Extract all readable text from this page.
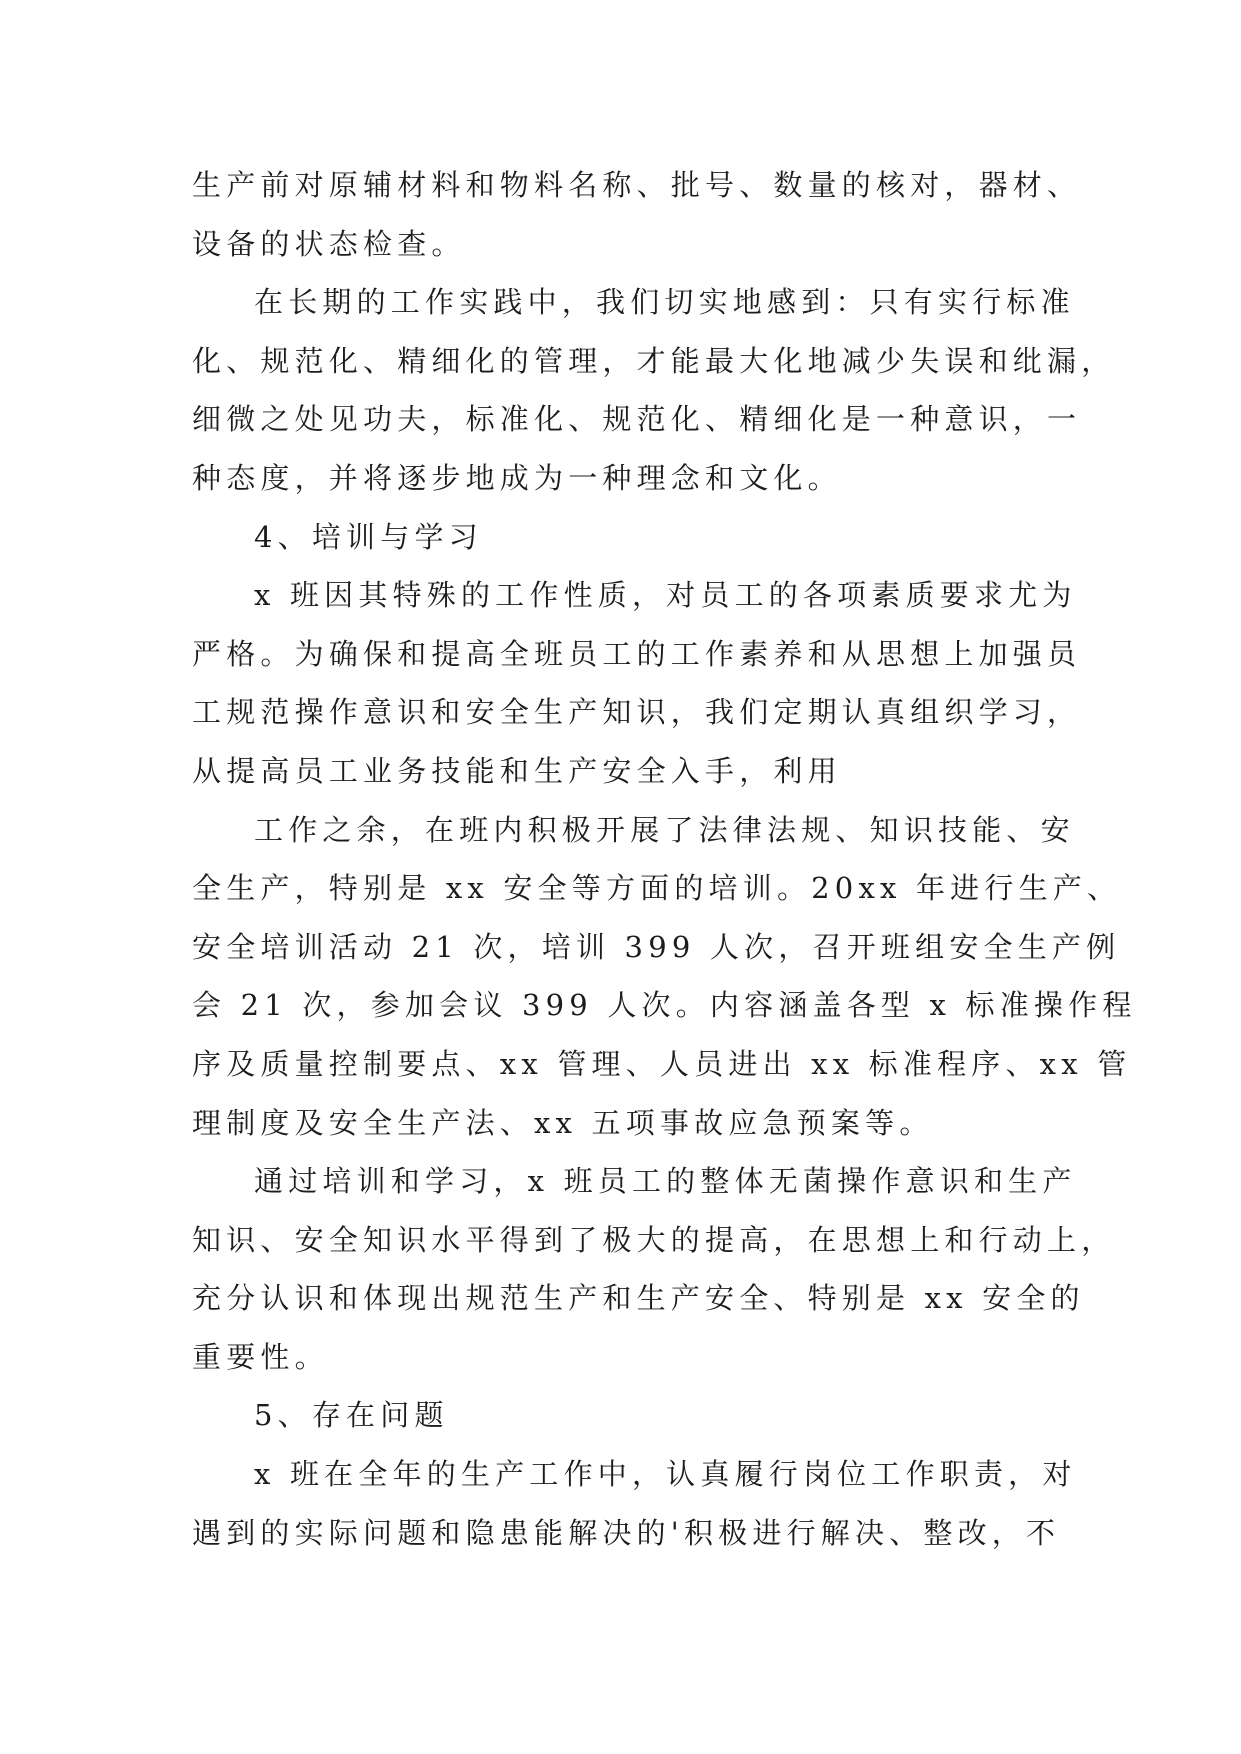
生产前对原辅材料和物料名称、批号、数量的核对，器材、
设备的状态检查。
在长期的工作实践中，我们切实地感到：只有实行标准
化、规范化、精细化的管理，才能最大化地减少失误和纰漏，
细微之处见功夫，标准化、规范化、精细化是一种意识，一
种态度，并将逐步地成为一种理念和文化。
4、培训与学习
x 班因其特殊的工作性质，对员工的各项素质要求尤为
严格。为确保和提高全班员工的工作素养和从思想上加强员
工规范操作意识和安全生产知识，我们定期认真组织学习，
从提高员工业务技能和生产安全入手，利用
工作之余，在班内积极开展了法律法规、知识技能、安
全生产，特别是 xx 安全等方面的培训。20xx 年进行生产、
安全培训活动 21 次，培训 399 人次，召开班组安全生产例
会 21 次，参加会议 399 人次。内容涵盖各型 x 标准操作程
序及质量控制要点、xx 管理、人员进出 xx 标准程序、xx 管
理制度及安全生产法、xx 五项事故应急预案等。
通过培训和学习，x 班员工的整体无菌操作意识和生产
知识、安全知识水平得到了极大的提高，在思想上和行动上，
充分认识和体现出规范生产和生产安全、特别是 xx 安全的
重要性。
5、存在问题
x 班在全年的生产工作中，认真履行岗位工作职责，对
遇到的实际问题和隐患能解决的'积极进行解决、整改，不
